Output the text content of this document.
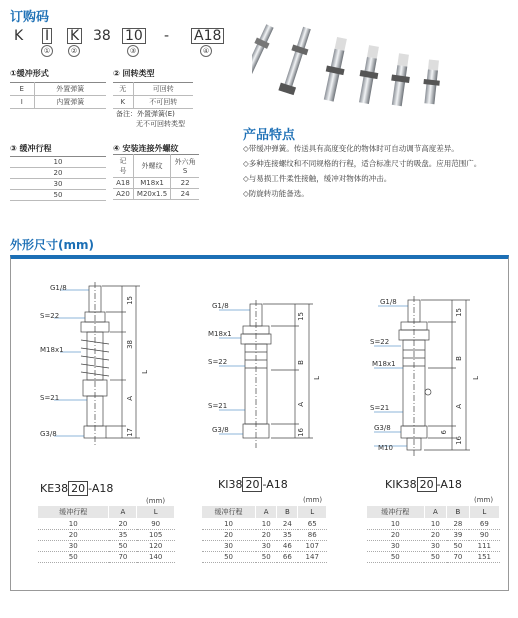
订购码
K I
①
K
②
38 10
③
- A18
④
①缓冲形式
E	外置弹簧
I	内置弹簧
② 回转类型
无	可回转
K	不可回转
备注：外置弹簧(E)
无不可回转类型
③ 缓冲行程
10
20
30
50
④ 安装连接外螺纹
记号	外螺纹	外六角S
A18	M18x1	22
A20	M20x1.5	24
产品特点
◇带缓冲弹簧。传送具有高度变化的物体时可自动调节高度差异。
◇多种连接螺纹和不同规格的行程，适合标准尺寸的吸盘。应用范围广。
◇与易损工件柔性接触，缓冲对物体的冲击。
◇防旋转功能备选。
外形尺寸(mm)
G1/8
S=22
M18x1
S=21
G3/8
15
38
A
17
L
G1/8
M18x1
S=22
S=21
G3/8
15
B
A
16
L
G1/8
S=22
M18x1
S=21
G3/8
M10
15
B
A
6
16
L
KE38 20 -A18
(mm)
缓冲行程	A	L
10	20	90
20	35	105
30	50	120
50	70	140
KI38 20 -A18
(mm)
缓冲行程	A	B	L
10	10	24	65
20	20	35	86
30	30	46	107
50	50	66	147
KIK38 20 -A18
(mm)
缓冲行程	A	B	L
10	10	28	69
20	20	39	90
30	30	50	111
50	50	70	151
